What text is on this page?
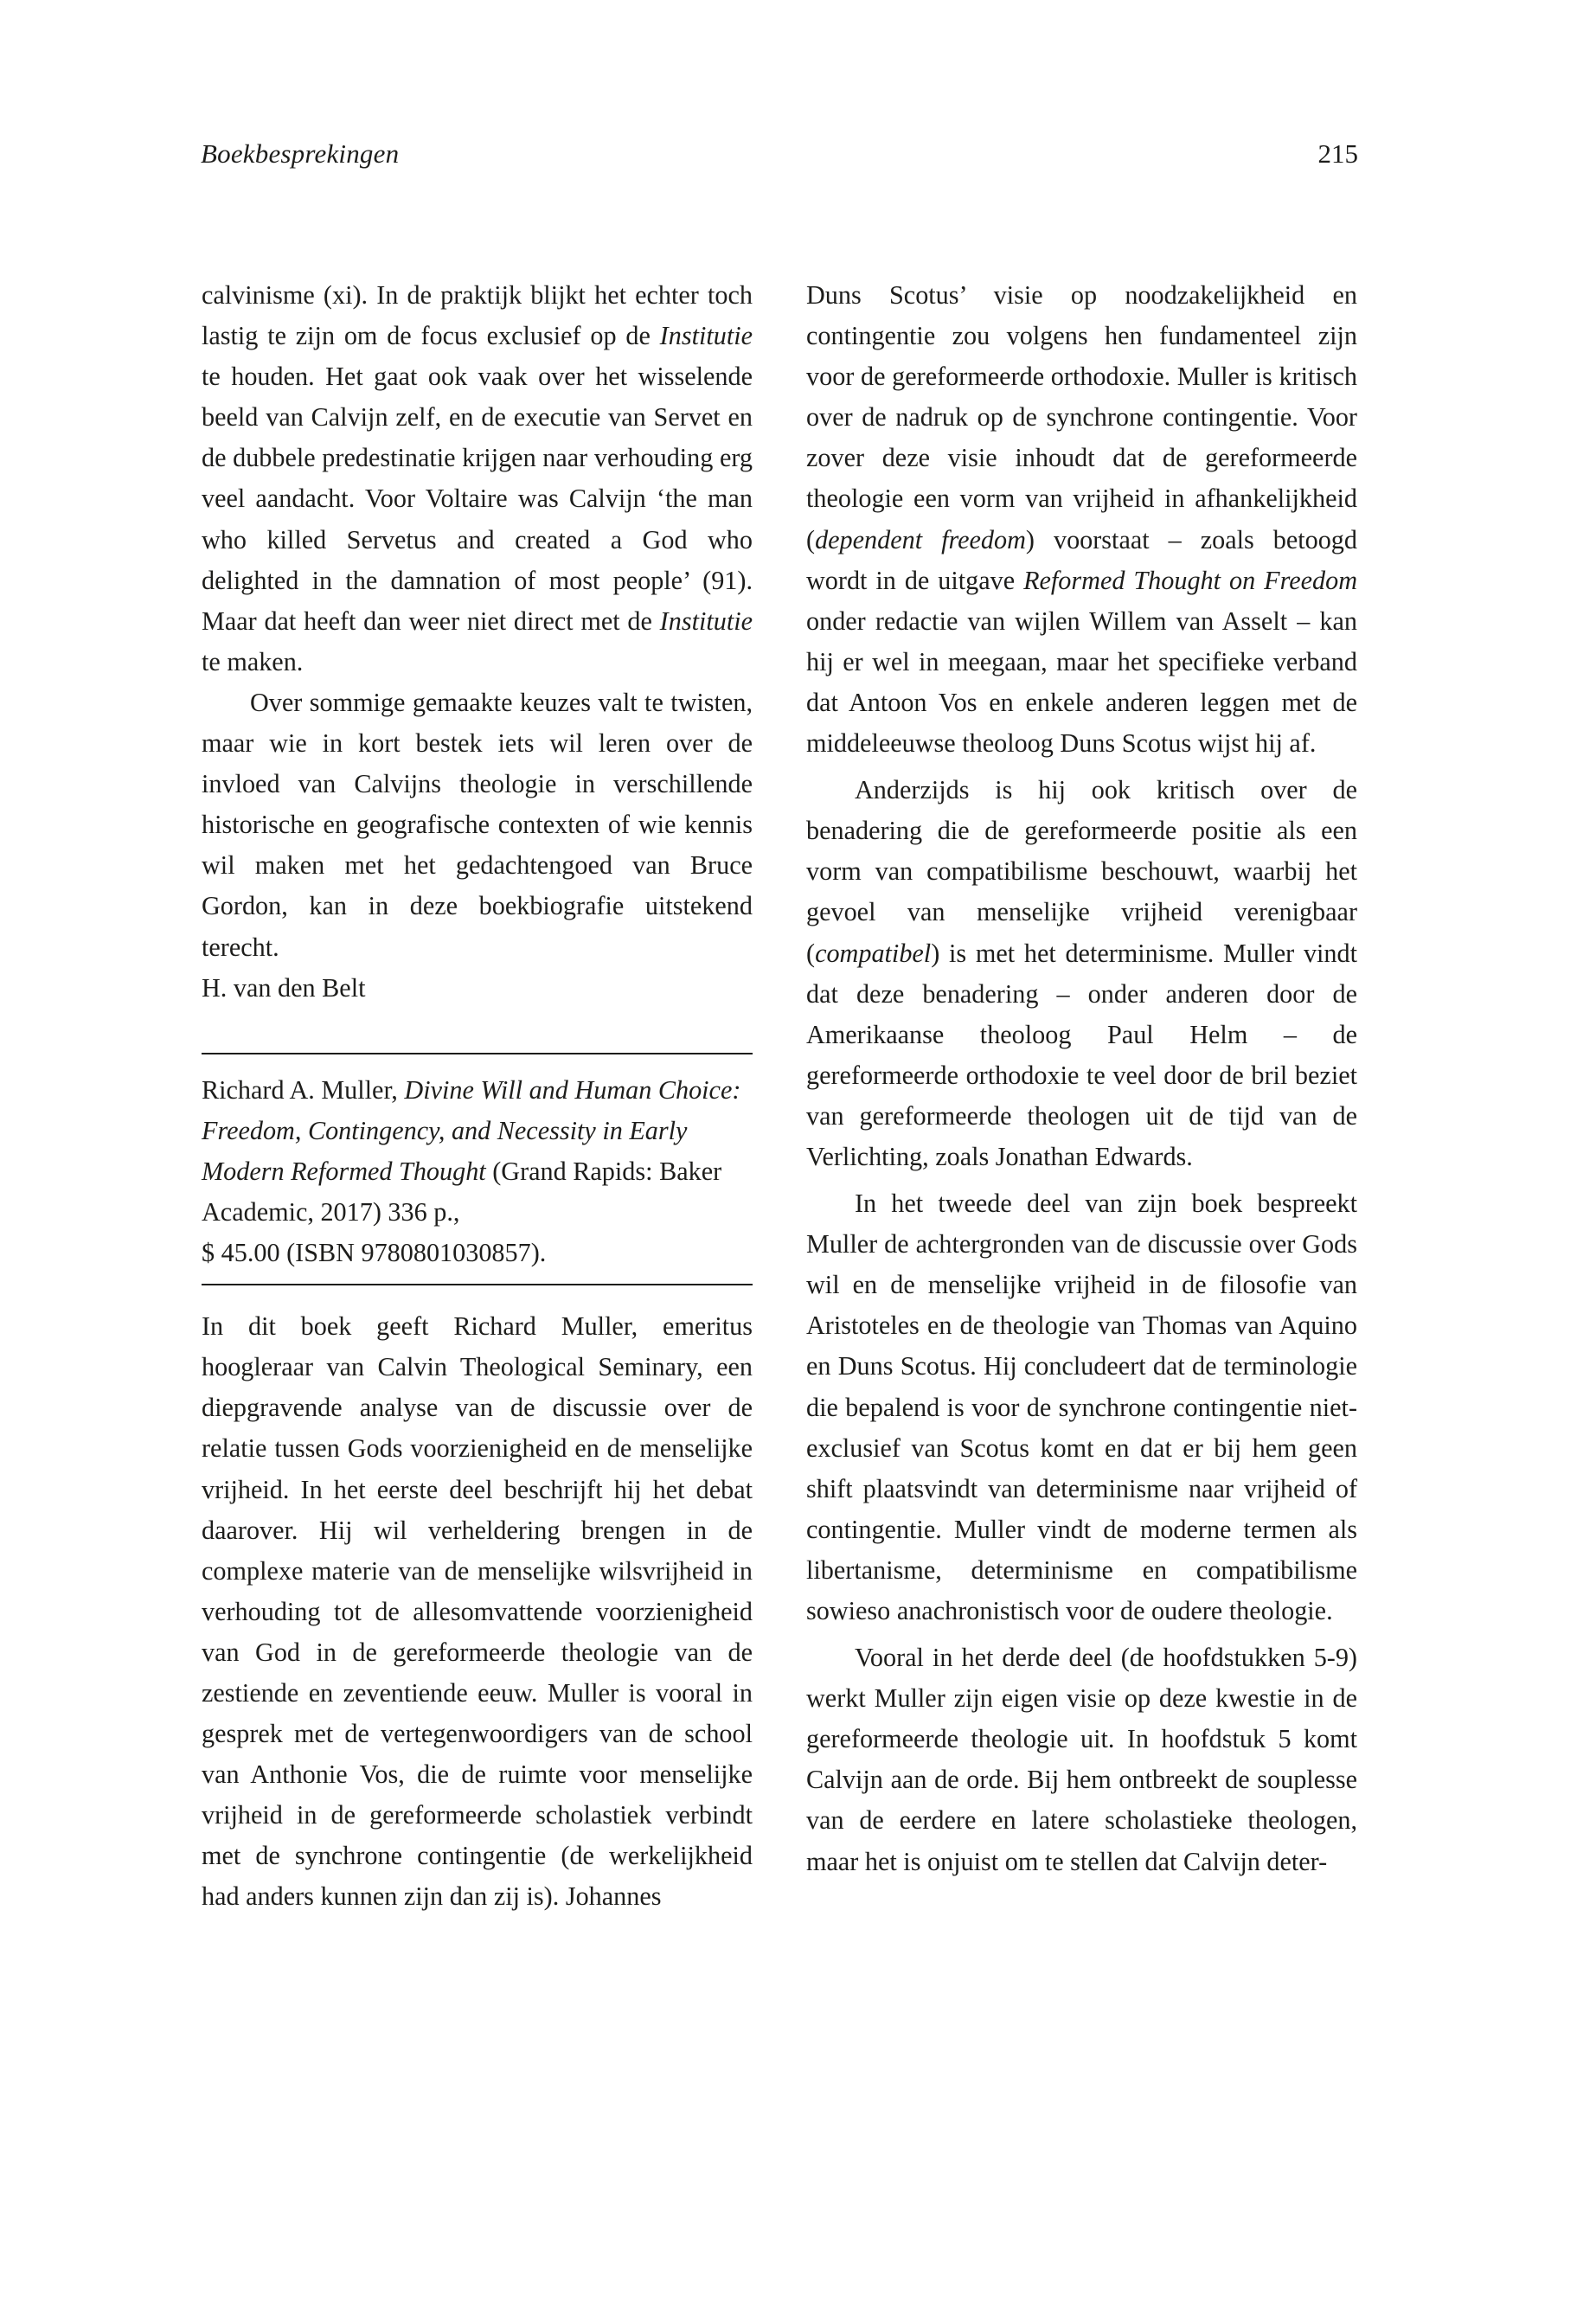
Boekbesprekingen	215

calvinisme (xi). In de praktijk blijkt het echter toch lastig te zijn om de focus exclusief op de Institutie te houden. Het gaat ook vaak over het wisselende beeld van Calvijn zelf, en de executie van Servet en de dubbele predestinatie krijgen naar verhouding erg veel aandacht. Voor Voltaire was Calvijn ‘the man who killed Servetus and created a God who delighted in the damnation of most people’ (91). Maar dat heeft dan weer niet direct met de Institutie te maken.

Over sommige gemaakte keuzes valt te twisten, maar wie in kort bestek iets wil leren over de invloed van Calvijns theologie in verschillende historische en geografische contexten of wie kennis wil maken met het gedachtengoed van Bruce Gordon, kan in deze boekbiografie uitstekend terecht.

H. van den Belt

Richard A. Muller, Divine Will and Human Choice: Freedom, Contingency, and Necessity in Early Modern Reformed Thought (Grand Rapids: Baker Academic, 2017) 336 p.,
$ 45.00 (ISBN 9780801030857).

In dit boek geeft Richard Muller, emeritus hoogleraar van Calvin Theological Seminary, een diepgravende analyse van de discussie over de relatie tussen Gods voorzienigheid en de menselijke vrijheid. In het eerste deel beschrijft hij het debat daarover. Hij wil verheldering brengen in de complexe materie van de menselijke wilsvrijheid in verhouding tot de allesomvattende voorzienigheid van God in de gereformeerde theologie van de zestiende en zeventiende eeuw. Muller is vooral in gesprek met de vertegenwoordigers van de school van Anthonie Vos, die de ruimte voor menselijke vrijheid in de gereformeerde scholastiek verbindt met de synchrone contingentie (de werkelijkheid had anders kunnen zijn dan zij is). Johannes

Duns Scotus’ visie op noodzakelijkheid en contingentie zou volgens hen fundamenteel zijn voor de gereformeerde orthodoxie. Muller is kritisch over de nadruk op de synchrone contingentie. Voor zover deze visie inhoudt dat de gereformeerde theologie een vorm van vrijheid in afhankelijkheid (dependent freedom) voorstaat – zoals betoogd wordt in de uitgave Reformed Thought on Freedom onder redactie van wijlen Willem van Asselt – kan hij er wel in meegaan, maar het specifieke verband dat Antoon Vos en enkele anderen leggen met de middeleeuwse theoloog Duns Scotus wijst hij af.

Anderzijds is hij ook kritisch over de benadering die de gereformeerde positie als een vorm van compatibilisme beschouwt, waarbij het gevoel van menselijke vrijheid verenigbaar (compatibel) is met het determinisme. Muller vindt dat deze benadering – onder anderen door de Amerikaanse theoloog Paul Helm – de gereformeerde orthodoxie te veel door de bril beziet van gereformeerde theologen uit de tijd van de Verlichting, zoals Jonathan Edwards.

In het tweede deel van zijn boek bespreekt Muller de achtergronden van de discussie over Gods wil en de menselijke vrijheid in de filosofie van Aristoteles en de theologie van Thomas van Aquino en Duns Scotus. Hij concludeert dat de terminologie die bepalend is voor de synchrone contingentie niet-exclusief van Scotus komt en dat er bij hem geen shift plaatsvindt van determinisme naar vrijheid of contingentie. Muller vindt de moderne termen als libertanisme, determinisme en compatibilisme sowieso anachronistisch voor de oudere theologie.

Vooral in het derde deel (de hoofdstukken 5-9) werkt Muller zijn eigen visie op deze kwestie in de gereformeerde theologie uit. In hoofdstuk 5 komt Calvijn aan de orde. Bij hem ontbreekt de souplesse van de eerdere en latere scholastieke theologen, maar het is onjuist om te stellen dat Calvijn deter-
